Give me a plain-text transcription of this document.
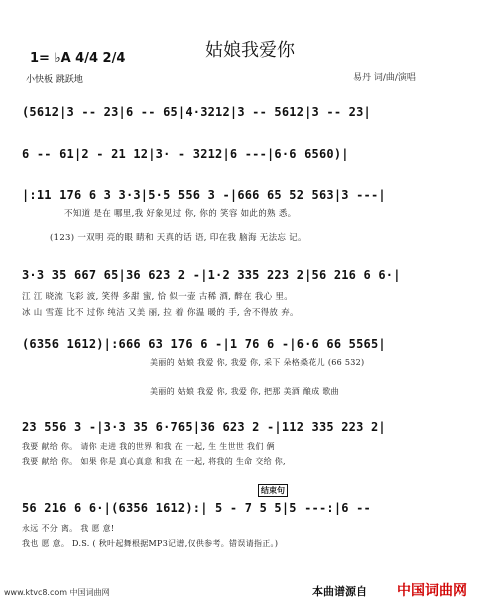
姑娘我爱你
1= ♭A 4/4 2/4
小快板 跳跃地	易丹 词/曲/演唱
(5612|3 -- 23|6 -- 65|4·3212|3 -- 5612|3 -- 23|
6 -- 61|2 - 21 12|3· - 3212|6 ---|6·6 6560)|
|:11 176 6 3 3·3|5·5 556 3 -|666 65 52 563|3 ---|
不知道 是在 哪里,我 好象见过 你, 你的 笑容 如此的熟 悉。
(123) 一双明 亮的眼 睛和 天真的话 语, 印在我 脑海 无法忘 记。
3·3 35 667 65|36 623 2 -|1·2 335 223 2|56 216 6 6·|
江 江 晓流 飞彩 波, 笑得 多甜 蜜, 恰 似一壶 古稀 酒, 醉在 我心 里。
冰 山 雪莲 比不 过你 纯洁 又美 丽, 拉 着 你温 暖的 手, 舍不得放 弃。
(6356 1612)|:666 63 176 6 -|1 76 6 -|6·6 66 5565|
美丽的 姑娘 我爱 你, 我爱 你, 采下 朵格桑花儿 (66 532)
美丽的 姑娘 我爱 你, 我爱 你, 把那 美酒 酿成 歌曲
23 556 3 -|3·3 35 6·765|36 623 2 -|112 335 223 2|
我要 献给 你。 请你 走进 我的世界 和我 在 一起, 生 生世世 我们 俩
我要 献给 你。 如果 你是 真心真意 和我 在 一起, 将我的 生命 交给 你,
结束句
56 216 6 6·|(6356 1612):| 5 - 7 5 5|5 ---:|6 --
永远 不分 离。 我 愿 意!
我也 愿 意。 D.S. ( 秋叶起舞根据MP3记谱,仅供参考。错误请指正。)
www.ktvc8.com 中国词曲网	本曲谱源自 中国词曲网
